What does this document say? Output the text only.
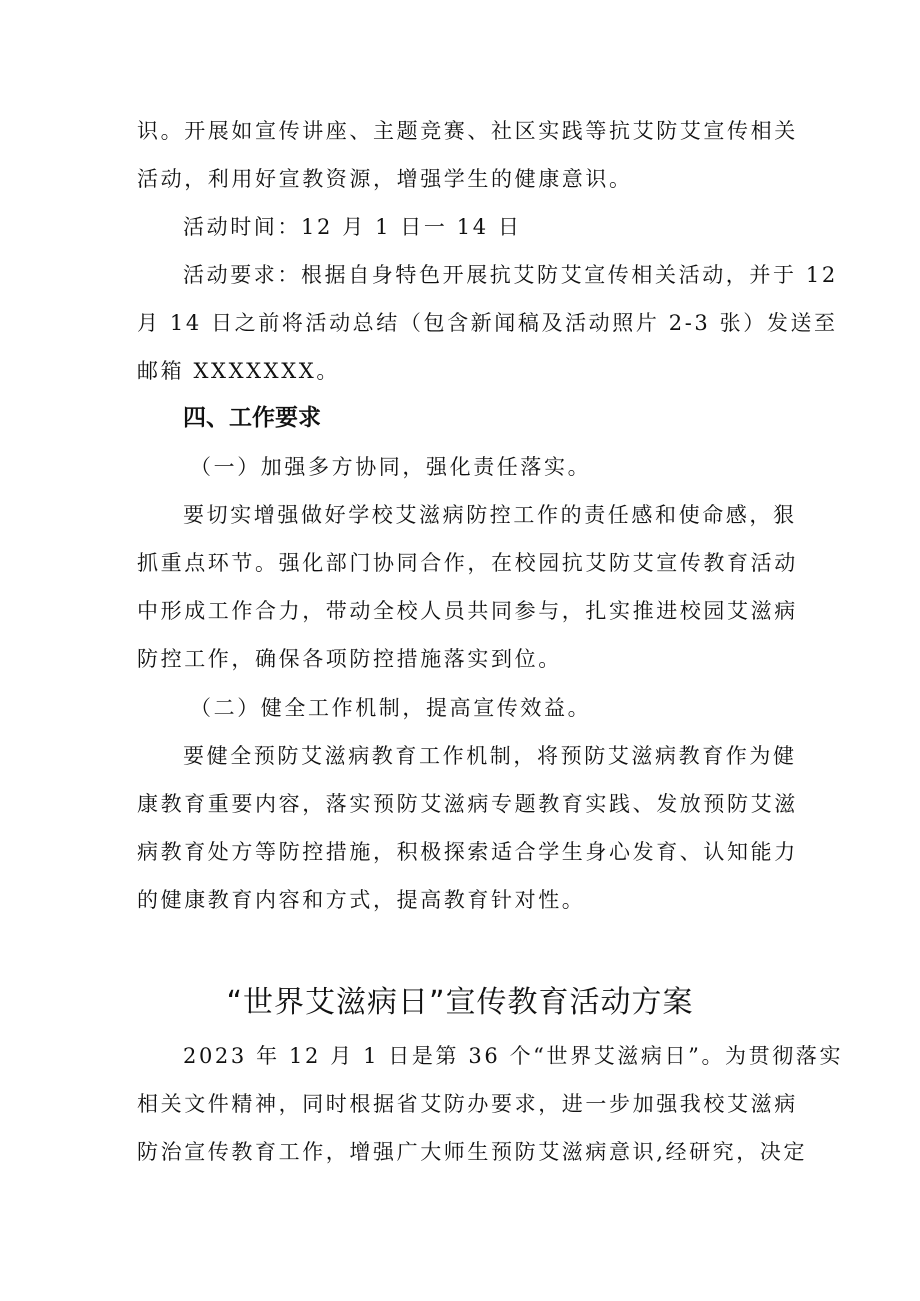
识。开展如宣传讲座、主题竞赛、社区实践等抗艾防艾宣传相关
活动，利用好宣教资源，增强学生的健康意识。
活动时间：12 月 1 日一 14 日
活动要求：根据自身特色开展抗艾防艾宣传相关活动，并于 12
月 14 日之前将活动总结（包含新闻稿及活动照片 2-3 张）发送至
邮箱 XXXXXXX。
四、工作要求
（一）加强多方协同，强化责任落实。
要切实增强做好学校艾滋病防控工作的责任感和使命感，狠
抓重点环节。强化部门协同合作，在校园抗艾防艾宣传教育活动
中形成工作合力，带动全校人员共同参与，扎实推进校园艾滋病
防控工作，确保各项防控措施落实到位。
（二）健全工作机制，提高宣传效益。
要健全预防艾滋病教育工作机制，将预防艾滋病教育作为健
康教育重要内容，落实预防艾滋病专题教育实践、发放预防艾滋
病教育处方等防控措施，积极探索适合学生身心发育、认知能力
的健康教育内容和方式，提高教育针对性。
“世界艾滋病日”宣传教育活动方案
2023 年 12 月 1 日是第 36 个“世界艾滋病日”。为贯彻落实
相关文件精神，同时根据省艾防办要求，进一步加强我校艾滋病
防治宣传教育工作，增强广大师生预防艾滋病意识,经研究，决定
